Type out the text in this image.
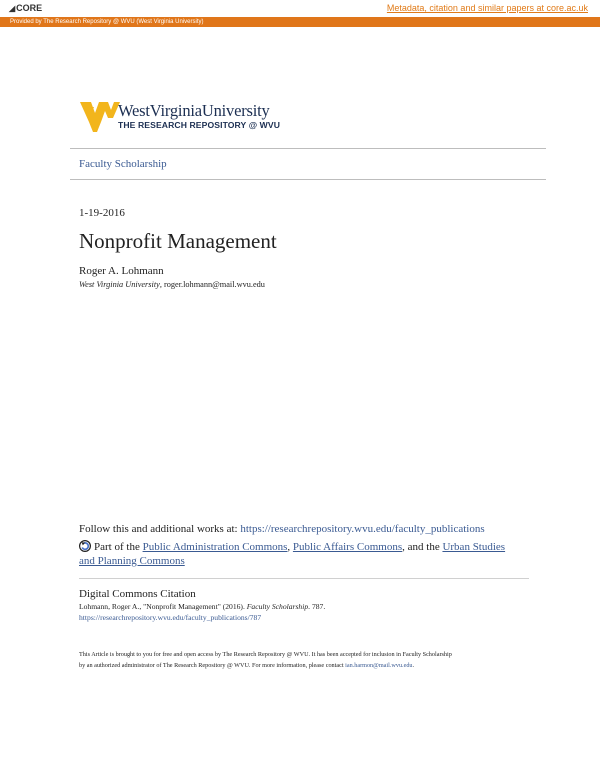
◢CORE	Metadata, citation and similar papers at core.ac.uk
Provided by The Research Repository @ WVU (West Virginia University)
WestVirginiaUniversity
THE RESEARCH REPOSITORY @ WVU
Faculty Scholarship
1-19-2016
Nonprofit Management
Roger A. Lohmann
West Virginia University, roger.lohmann@mail.wvu.edu
Follow this and additional works at: https://researchrepository.wvu.edu/faculty_publications
Part of the Public Administration Commons, Public Affairs Commons, and the Urban Studies
and Planning Commons
Digital Commons Citation
Lohmann, Roger A., "Nonprofit Management" (2016). Faculty Scholarship. 787.
https://researchrepository.wvu.edu/faculty_publications/787
This Article is brought to you for free and open access by The Research Repository @ WVU. It has been accepted for inclusion in Faculty Scholarship
by an authorized administrator of The Research Repository @ WVU. For more information, please contact ian.harmon@mail.wvu.edu.
